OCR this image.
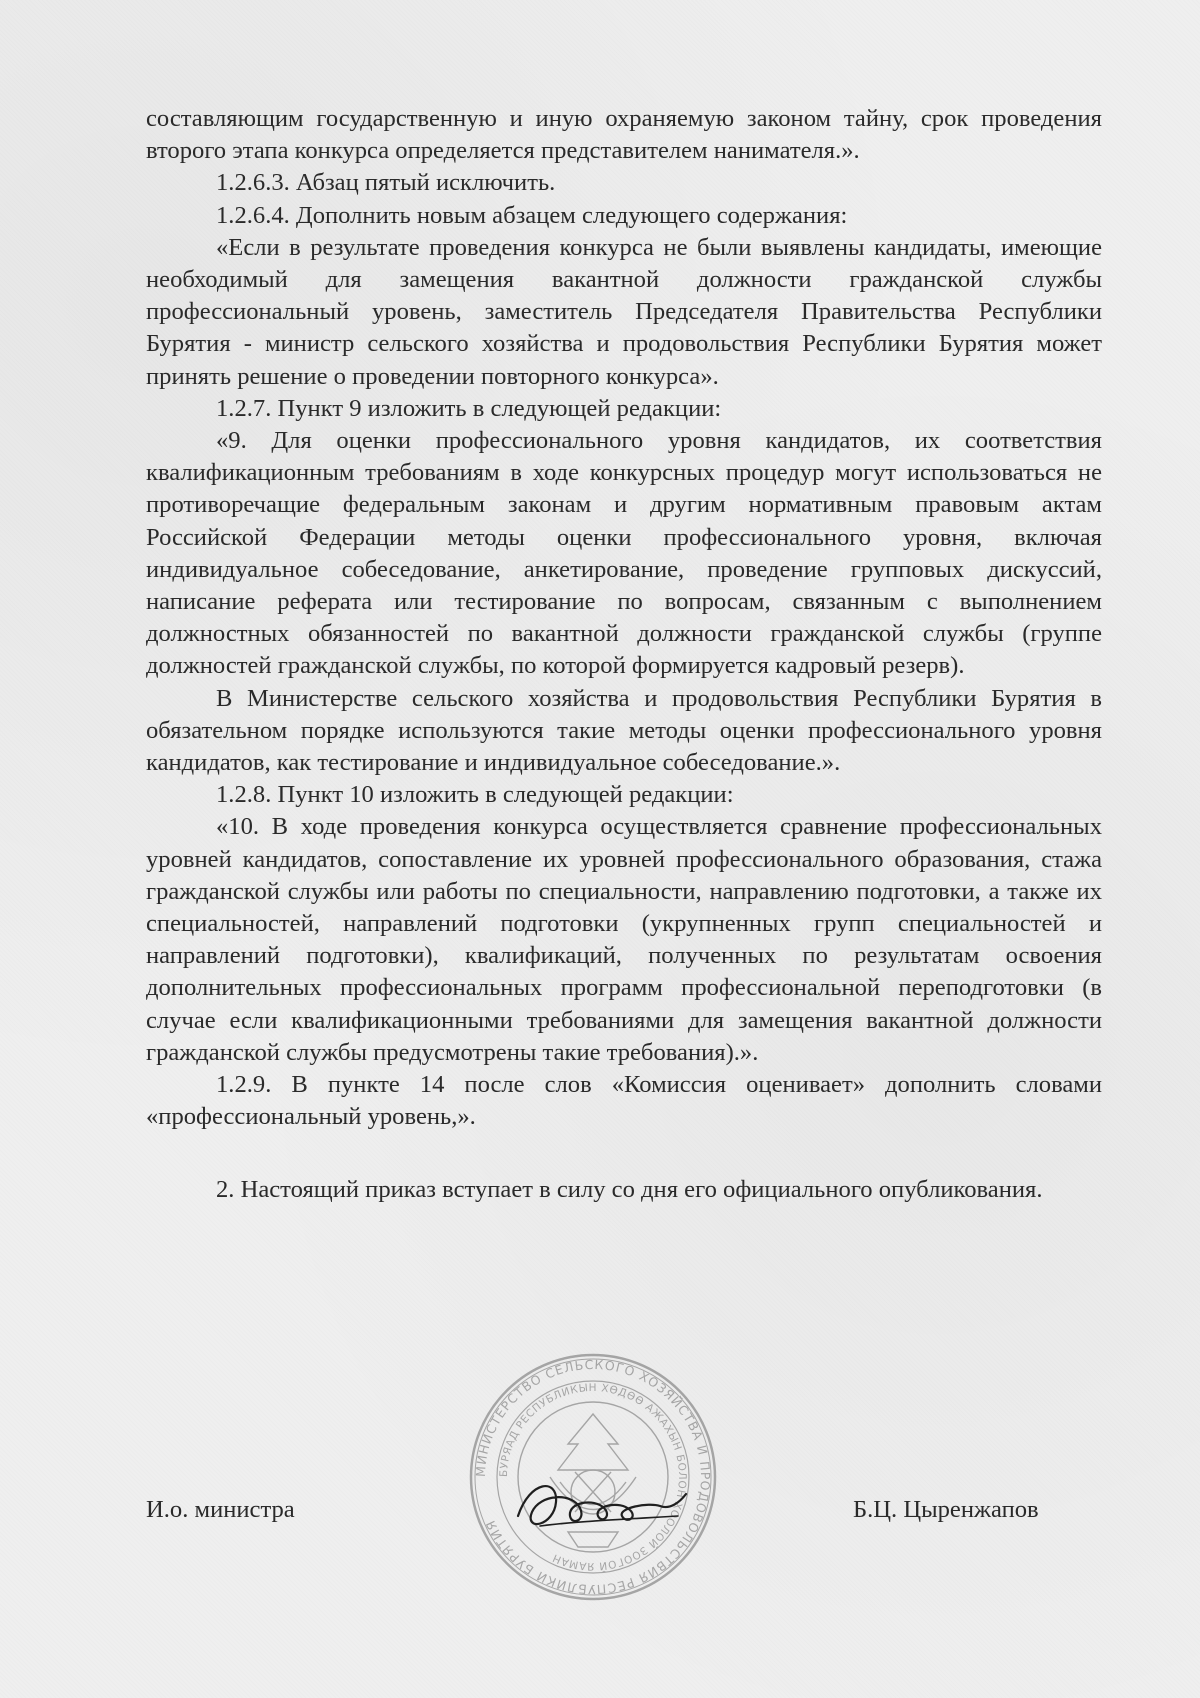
составляющим государственную и иную охраняемую законом тайну, срок проведения второго этапа конкурса определяется представителем нанимателя.».

1.2.6.3. Абзац пятый исключить.

1.2.6.4. Дополнить новым абзацем следующего содержания:

«Если в результате проведения конкурса не были выявлены кандидаты, имеющие необходимый для замещения вакантной должности гражданской службы профессиональный уровень, заместитель Председателя Правительства Республики Бурятия - министр сельского хозяйства и продовольствия Республики Бурятия может принять решение о проведении повторного конкурса».

1.2.7. Пункт 9 изложить в следующей редакции:

«9. Для оценки профессионального уровня кандидатов, их соответствия квалификационным требованиям в ходе конкурсных процедур могут использоваться не противоречащие федеральным законам и другим нормативным правовым актам Российской Федерации методы оценки профессионального уровня, включая индивидуальное собеседование, анкетирование, проведение групповых дискуссий, написание реферата или тестирование по вопросам, связанным с выполнением должностных обязанностей по вакантной должности гражданской службы (группе должностей гражданской службы, по которой формируется кадровый резерв).

В Министерстве сельского хозяйства и продовольствия Республики Бурятия в обязательном порядке используются такие методы оценки профессионального уровня кандидатов, как тестирование и индивидуальное собеседование.».

1.2.8. Пункт 10 изложить в следующей редакции:

«10. В ходе проведения конкурса осуществляется сравнение профессиональных уровней кандидатов, сопоставление их уровней профессионального образования, стажа гражданской службы или работы по специальности, направлению подготовки, а также их специальностей, направлений подготовки (укрупненных групп специальностей и направлений подготовки), квалификаций, полученных по результатам освоения дополнительных профессиональных программ профессиональной переподготовки (в случае если квалификационными требованиями для замещения вакантной должности гражданской службы предусмотрены такие требования).».

1.2.9. В пункте 14 после слов «Комиссия оценивает» дополнить словами «профессиональный уровень,».

2. Настоящий приказ вступает в силу со дня его официального опубликования.

МИНИСТЕРСТВО СЕЛЬСКОГО ХОЗЯЙСТВА И ПРОДОВОЛЬСТВИЯ РЕСПУБЛИКИ БУРЯТИЯ
БУРЯАД РЕСПУБЛИКЫН ХӨДӨӨ АЖАХЫН БОЛОН ХООЛОЙ ЗООГОЙ ЯАМАН
И.о. министра	Б.Ц. Цыренжапов
